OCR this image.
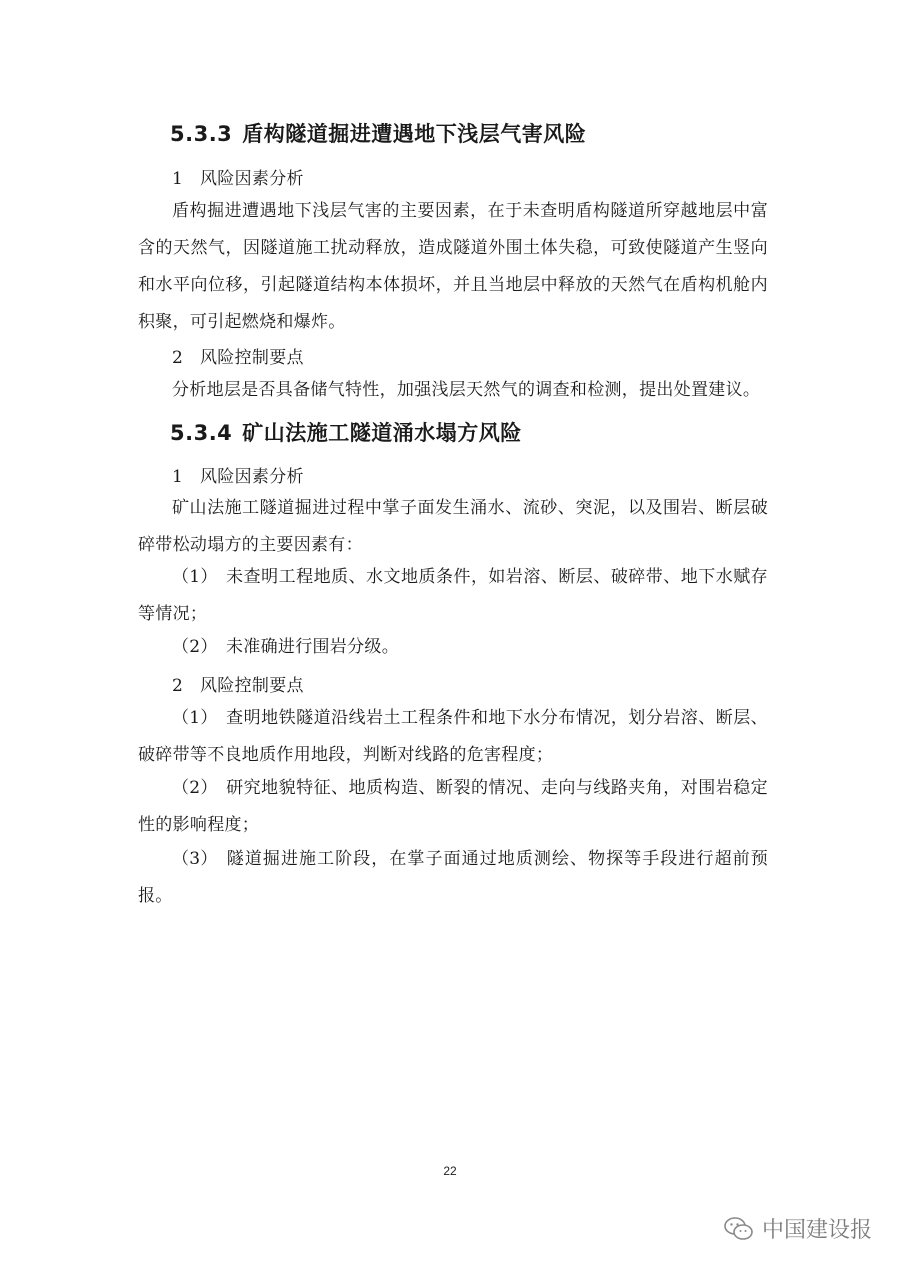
5.3.3 盾构隧道掘进遭遇地下浅层气害风险
1 风险因素分析
盾构掘进遭遇地下浅层气害的主要因素，在于未查明盾构隧道所穿越地层中富含的天然气，因隧道施工扰动释放，造成隧道外围土体失稳，可致使隧道产生竖向和水平向位移，引起隧道结构本体损坏，并且当地层中释放的天然气在盾构机舱内积聚，可引起燃烧和爆炸。
2 风险控制要点
分析地层是否具备储气特性，加强浅层天然气的调查和检测，提出处置建议。
5.3.4 矿山法施工隧道涌水塌方风险
1 风险因素分析
矿山法施工隧道掘进过程中掌子面发生涌水、流砂、突泥，以及围岩、断层破碎带松动塌方的主要因素有：
（1） 未查明工程地质、水文地质条件，如岩溶、断层、破碎带、地下水赋存等情况；
（2） 未准确进行围岩分级。
2 风险控制要点
（1） 查明地铁隧道沿线岩土工程条件和地下水分布情况，划分岩溶、断层、破碎带等不良地质作用地段，判断对线路的危害程度；
（2） 研究地貌特征、地质构造、断裂的情况、走向与线路夹角，对围岩稳定性的影响程度；
（3） 隧道掘进施工阶段，在掌子面通过地质测绘、物探等手段进行超前预报。
22
中国建设报
